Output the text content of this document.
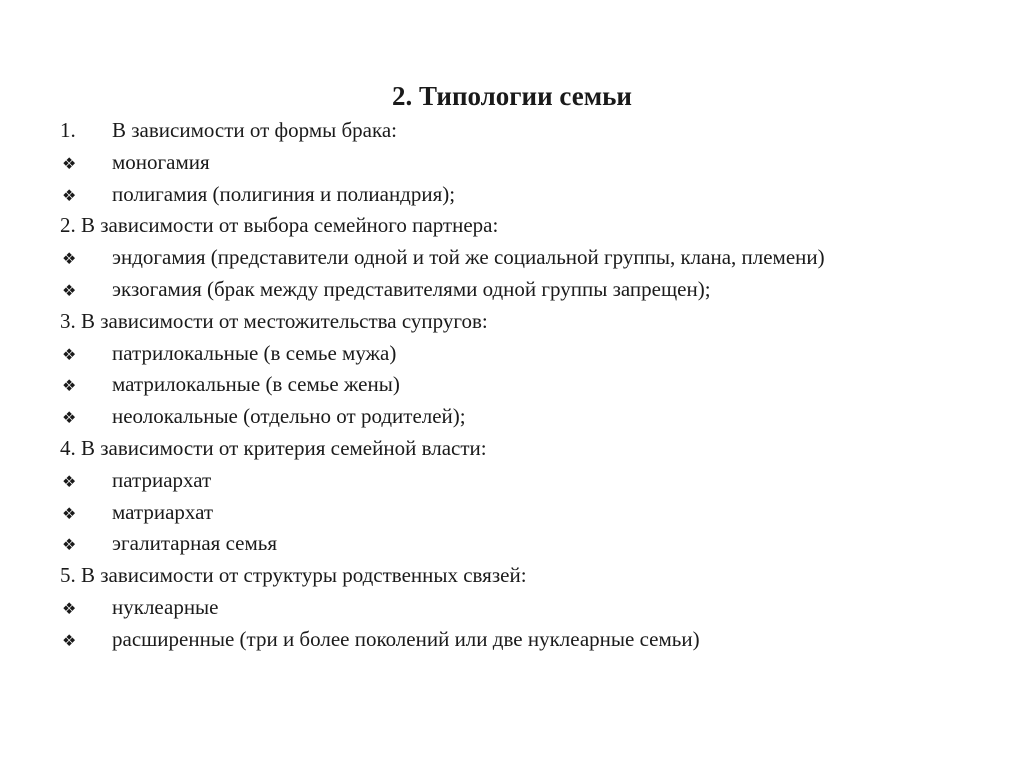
2. Типологии семьи
1. В зависимости от формы брака:
❖ моногамия
❖ полигамия (полигиния и полиандрия);
2. В зависимости от выбора семейного партнера:
❖ эндогамия (представители одной и той же социальной группы, клана, племени)
❖ экзогамия (брак между представителями одной группы запрещен);
3. В зависимости от местожительства супругов:
❖ патрилокальные (в семье мужа)
❖ матрилокальные (в семье жены)
❖ неолокальные (отдельно от родителей);
4. В зависимости от критерия семейной власти:
❖ патриархат
❖ матриархат
❖ эгалитарная семья
5. В зависимости от структуры родственных связей:
❖ нуклеарные
❖ расширенные (три и более поколений или две нуклеарные семьи)
